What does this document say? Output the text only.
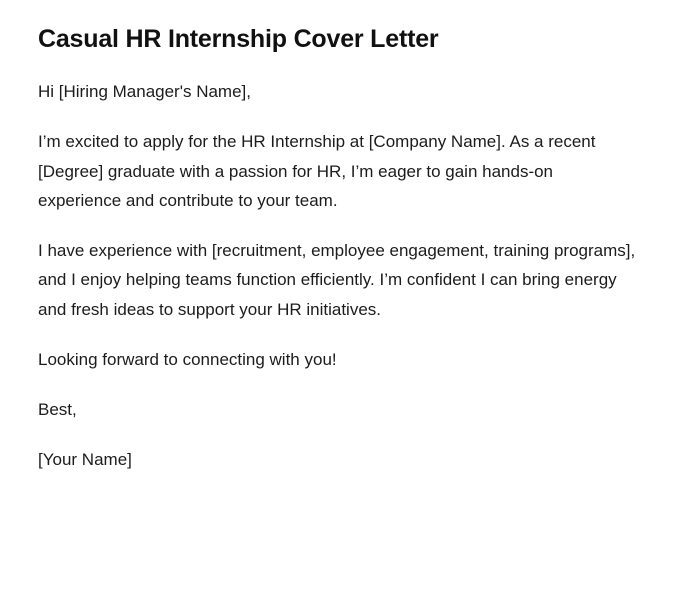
Casual HR Internship Cover Letter

Hi [Hiring Manager's Name],

I’m excited to apply for the HR Internship at [Company Name]. As a recent [Degree] graduate with a passion for HR, I’m eager to gain hands-on experience and contribute to your team.

I have experience with [recruitment, employee engagement, training programs], and I enjoy helping teams function efficiently. I’m confident I can bring energy and fresh ideas to support your HR initiatives.

Looking forward to connecting with you!

Best,

[Your Name]
